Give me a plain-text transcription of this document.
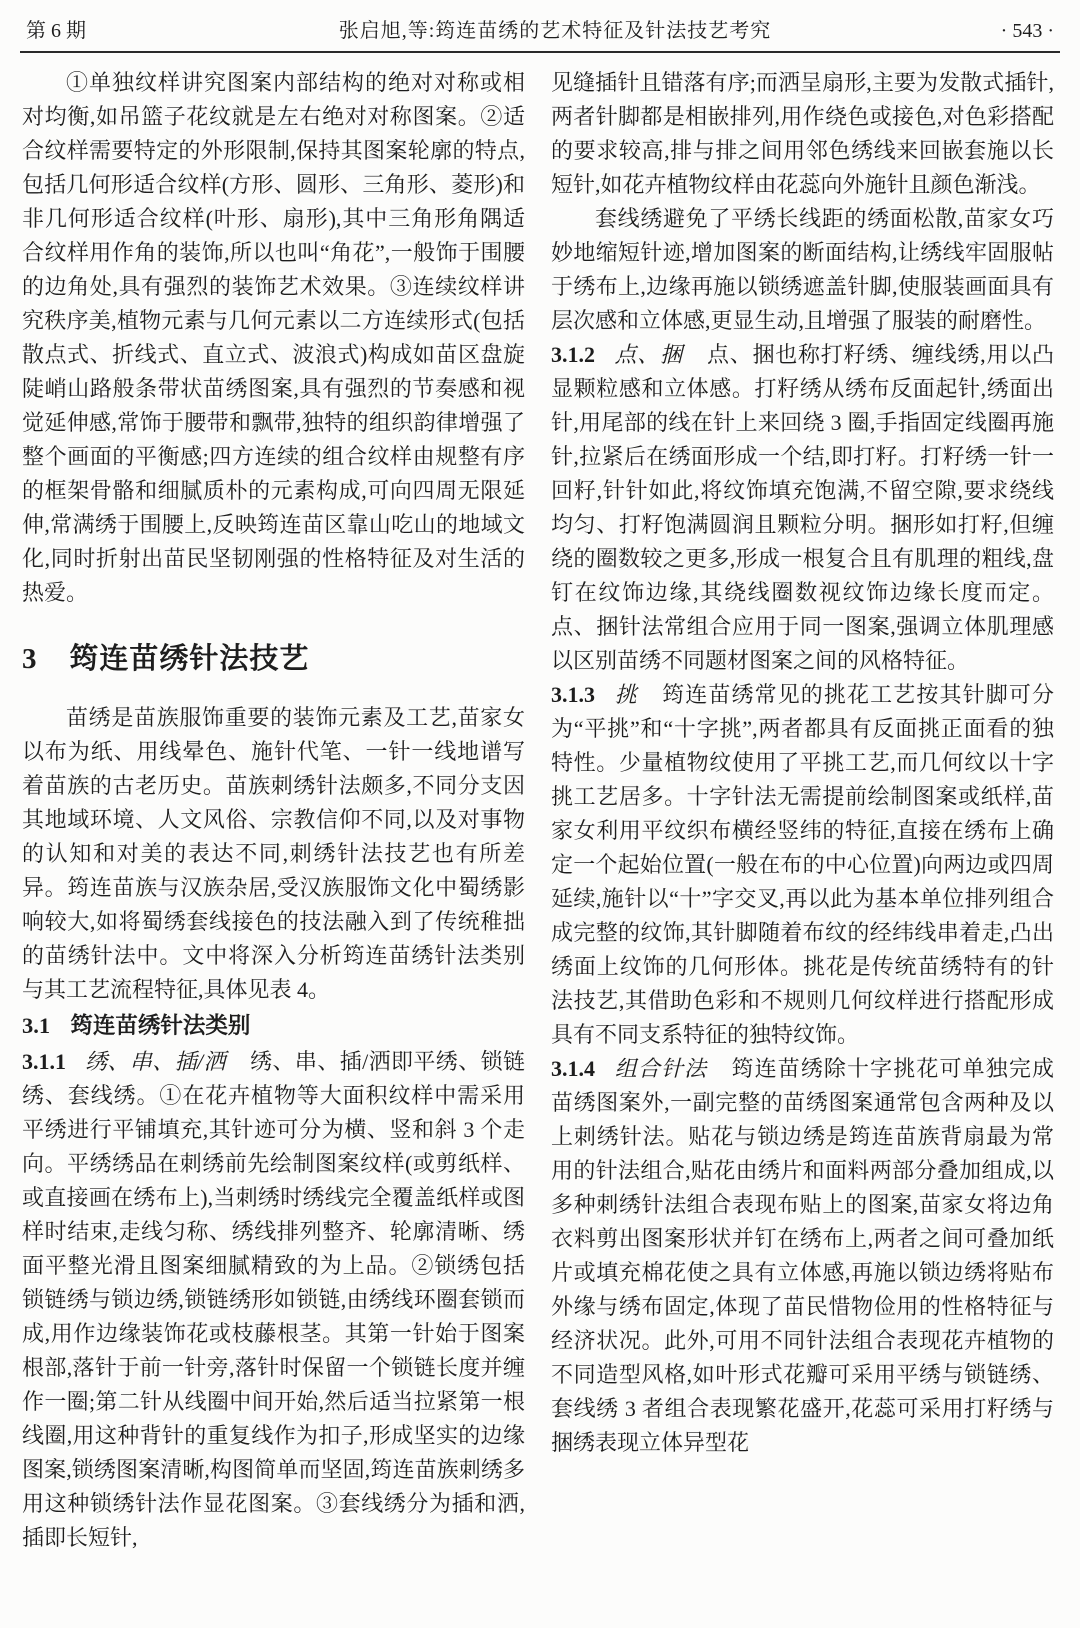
第 6 期	张启旭,等:筠连苗绣的艺术特征及针法技艺考究	· 543 ·

①单独纹样讲究图案内部结构的绝对对称或相对均衡,如吊篮子花纹就是左右绝对对称图案。②适合纹样需要特定的外形限制,保持其图案轮廓的特点,包括几何形适合纹样(方形、圆形、三角形、菱形)和非几何形适合纹样(叶形、扇形),其中三角形角隅适合纹样用作角的装饰,所以也叫“角花”,一般饰于围腰的边角处,具有强烈的装饰艺术效果。③连续纹样讲究秩序美,植物元素与几何元素以二方连续形式(包括散点式、折线式、直立式、波浪式)构成如苗区盘旋陡峭山路般条带状苗绣图案,具有强烈的节奏感和视觉延伸感,常饰于腰带和飘带,独特的组织韵律增强了整个画面的平衡感;四方连续的组合纹样由规整有序的框架骨骼和细腻质朴的元素构成,可向四周无限延伸,常满绣于围腰上,反映筠连苗区靠山吃山的地域文化,同时折射出苗民坚韧刚强的性格特征及对生活的热爱。

3 筠连苗绣针法技艺

苗绣是苗族服饰重要的装饰元素及工艺,苗家女以布为纸、用线晕色、施针代笔、一针一线地谱写着苗族的古老历史。苗族刺绣针法颇多,不同分支因其地域环境、人文风俗、宗教信仰不同,以及对事物的认知和对美的表达不同,刺绣针法技艺也有所差异。筠连苗族与汉族杂居,受汉族服饰文化中蜀绣影响较大,如将蜀绣套线接色的技法融入到了传统稚拙的苗绣针法中。文中将深入分析筠连苗绣针法类别与其工艺流程特征,具体见表 4。

3.1 筠连苗绣针法类别

3.1.1 绣、串、插/洒 绣、串、插/洒即平绣、锁链绣、套线绣。①在花卉植物等大面积纹样中需采用平绣进行平铺填充,其针迹可分为横、竖和斜 3 个走向。平绣绣品在刺绣前先绘制图案纹样(或剪纸样、或直接画在绣布上),当刺绣时绣线完全覆盖纸样或图样时结束,走线匀称、绣线排列整齐、轮廓清晰、绣面平整光滑且图案细腻精致的为上品。②锁绣包括锁链绣与锁边绣,锁链绣形如锁链,由绣线环圈套锁而成,用作边缘装饰花或枝藤根茎。其第一针始于图案根部,落针于前一针旁,落针时保留一个锁链长度并缠作一圈;第二针从线圈中间开始,然后适当拉紧第一根线圈,用这种背针的重复线作为扣子,形成坚实的边缘图案,锁绣图案清晰,构图简单而坚固,筠连苗族刺绣多用这种锁绣针法作显花图案。③套线绣分为插和洒, 插即长短针,

见缝插针且错落有序;而洒呈扇形,主要为发散式插针,两者针脚都是相嵌排列,用作绕色或接色,对色彩搭配的要求较高,排与排之间用邻色绣线来回嵌套施以长短针,如花卉植物纹样由花蕊向外施针且颜色渐浅。

套线绣避免了平绣长线距的绣面松散,苗家女巧妙地缩短针迹,增加图案的断面结构,让绣线牢固服帖于绣布上,边缘再施以锁绣遮盖针脚,使服装画面具有层次感和立体感,更显生动,且增强了服装的耐磨性。

3.1.2 点、捆 点、捆也称打籽绣、缠线绣,用以凸显颗粒感和立体感。打籽绣从绣布反面起针,绣面出针,用尾部的线在针上来回绕 3 圈,手指固定线圈再施针,拉紧后在绣面形成一个结,即打籽。打籽绣一针一回籽,针针如此,将纹饰填充饱满,不留空隙,要求绕线均匀、打籽饱满圆润且颗粒分明。捆形如打籽,但缠绕的圈数较之更多,形成一根复合且有肌理的粗线,盘钉在纹饰边缘,其绕线圈数视纹饰边缘长度而定。点、捆针法常组合应用于同一图案,强调立体肌理感以区别苗绣不同题材图案之间的风格特征。

3.1.3 挑 筠连苗绣常见的挑花工艺按其针脚可分为“平挑”和“十字挑”,两者都具有反面挑正面看的独特性。少量植物纹使用了平挑工艺,而几何纹以十字挑工艺居多。十字针法无需提前绘制图案或纸样,苗家女利用平纹织布横经竖纬的特征,直接在绣布上确定一个起始位置(一般在布的中心位置)向两边或四周延续,施针以“十”字交叉,再以此为基本单位排列组合成完整的纹饰,其针脚随着布纹的经纬线串着走,凸出绣面上纹饰的几何形体。挑花是传统苗绣特有的针法技艺,其借助色彩和不规则几何纹样进行搭配形成具有不同支系特征的独特纹饰。

3.1.4 组合针法 筠连苗绣除十字挑花可单独完成苗绣图案外,一副完整的苗绣图案通常包含两种及以上刺绣针法。贴花与锁边绣是筠连苗族背扇最为常用的针法组合,贴花由绣片和面料两部分叠加组成,以多种刺绣针法组合表现布贴上的图案,苗家女将边角衣料剪出图案形状并钉在绣布上,两者之间可叠加纸片或填充棉花使之具有立体感,再施以锁边绣将贴布外缘与绣布固定,体现了苗民惜物俭用的性格特征与经济状况。此外,可用不同针法组合表现花卉植物的不同造型风格,如叶形式花瓣可采用平绣与锁链绣、套线绣 3 者组合表现繁花盛开,花蕊可采用打籽绣与捆绣表现立体异型花
